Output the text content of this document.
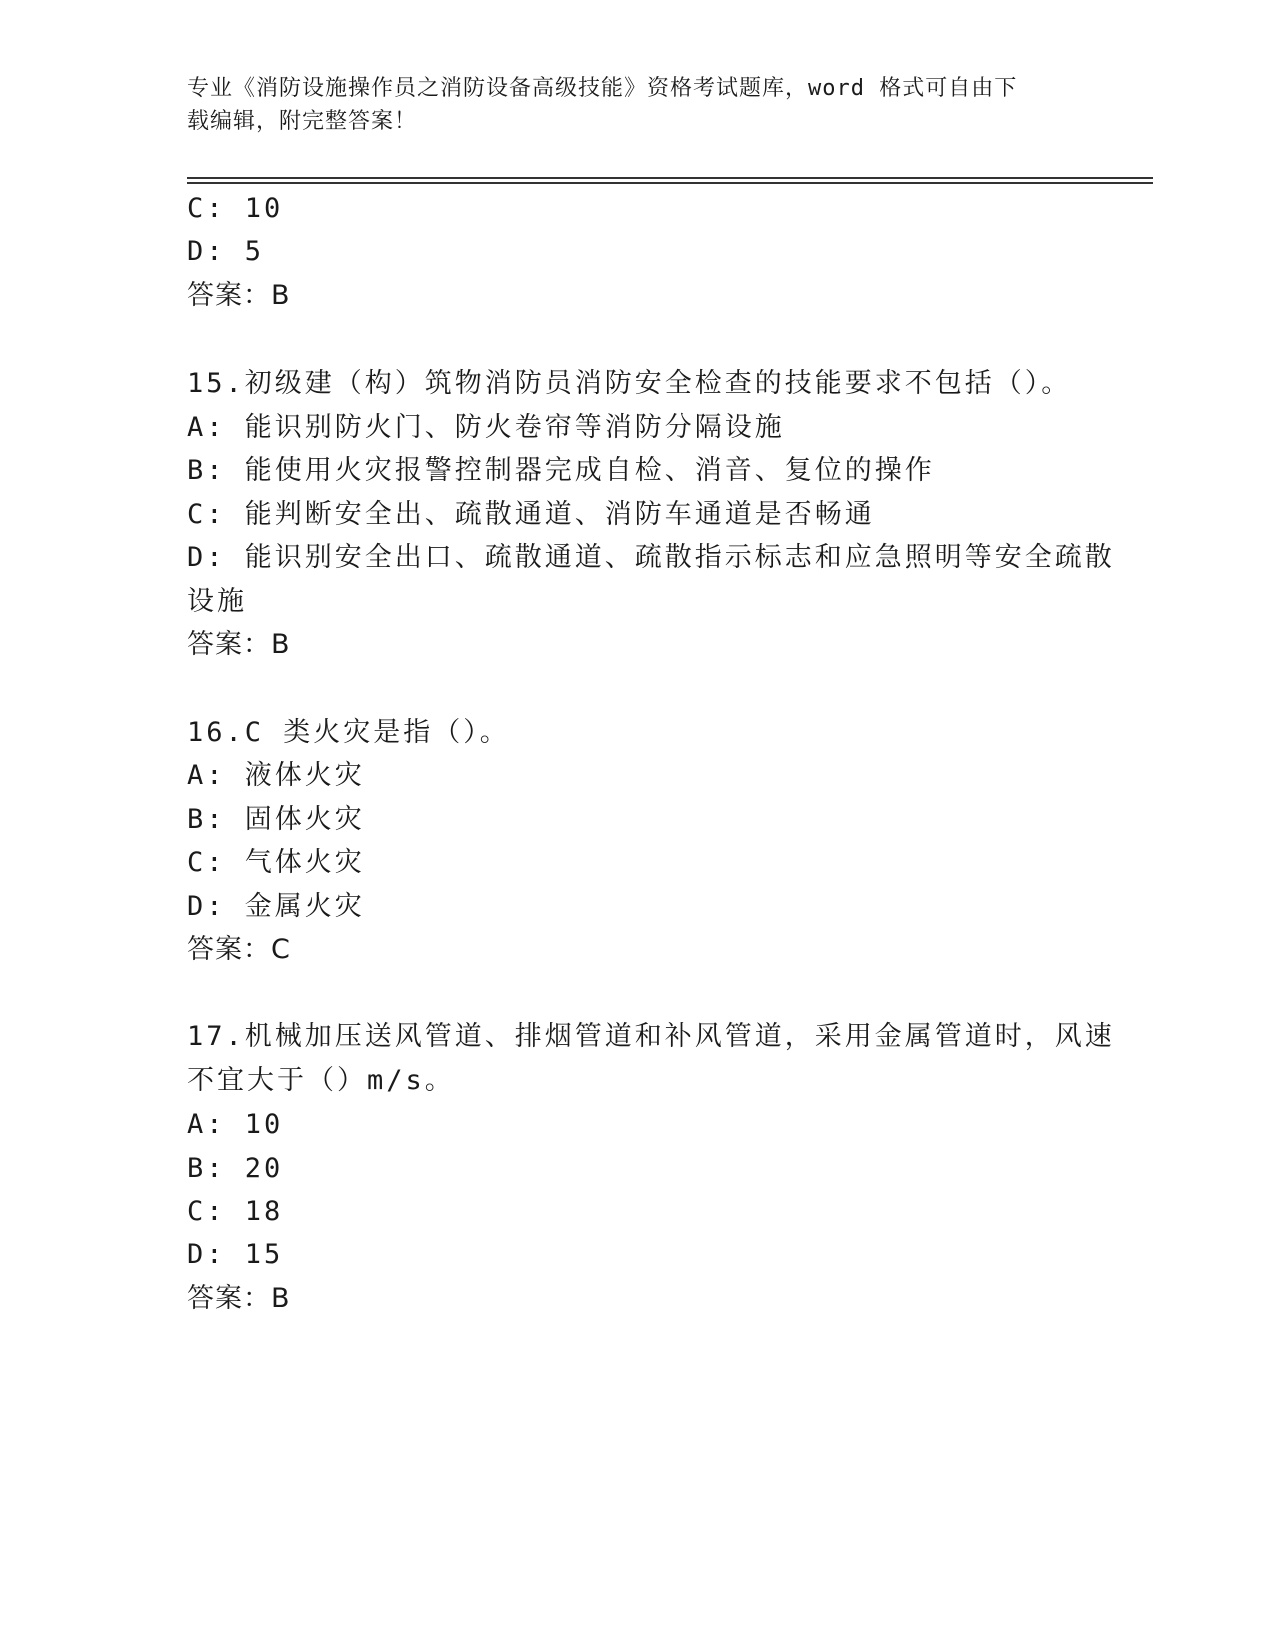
专业《消防设施操作员之消防设备高级技能》资格考试题库，word 格式可自由下
载编辑，附完整答案！
C: 10
D: 5
答案：B
15.初级建（构）筑物消防员消防安全检查的技能要求不包括（）。
A: 能识别防火门、防火卷帘等消防分隔设施
B: 能使用火灾报警控制器完成自检、消音、复位的操作
C: 能判断安全出、疏散通道、消防车通道是否畅通
D: 能识别安全出口、疏散通道、疏散指示标志和应急照明等安全疏散
设施
答案：B
16.C 类火灾是指（）。
A: 液体火灾
B: 固体火灾
C: 气体火灾
D: 金属火灾
答案：C
17.机械加压送风管道、排烟管道和补风管道，采用金属管道时，风速
不宜大于（）m/s。
A: 10
B: 20
C: 18
D: 15
答案：B
